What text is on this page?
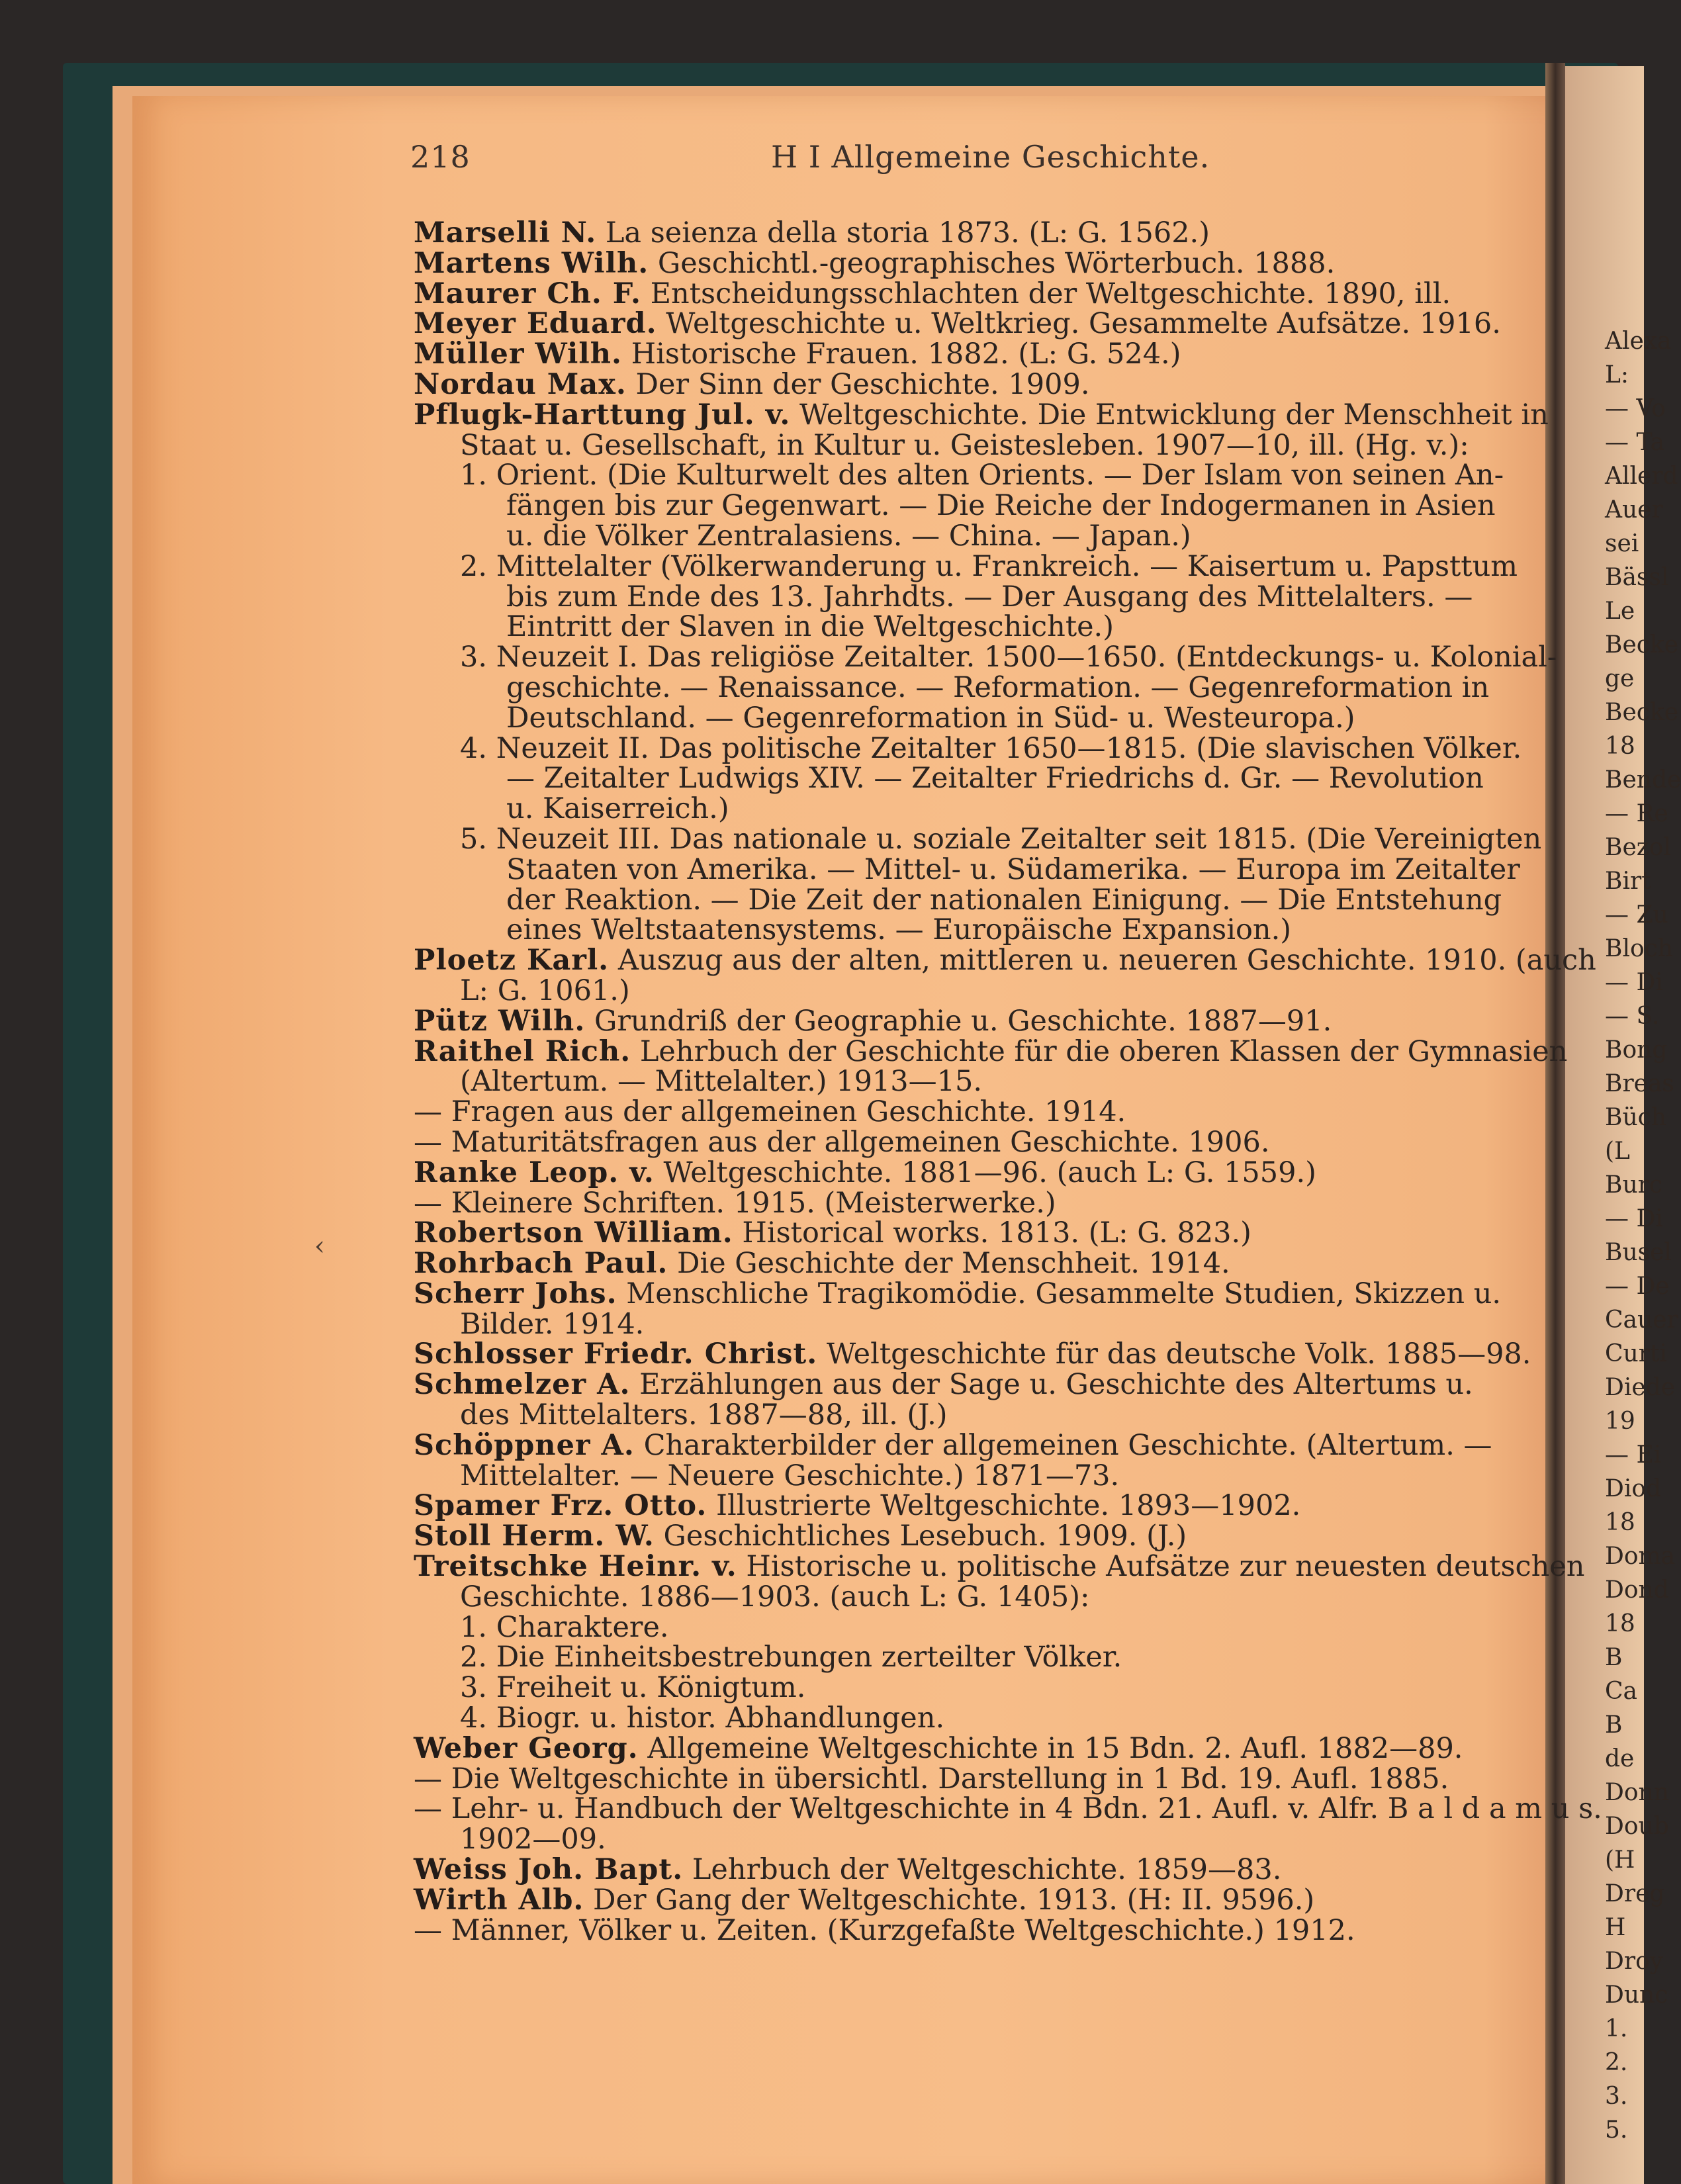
Alexa
L:
— Vo
— Ta
Allerd
Auer
sei
Bässl
Le
Becke
ge
Becke
18
Bende
— Re
Bezol
Birt
— Zu
Bloch
— Di
— S.
Bong
Breas
Büch
(L
Burc
— Di
Busel
— De
Cauer
Curti
Diede
19
— Ei
Diod
18
Doma
Dond
18
B
Ca
B
de
Donn
Doub
(H
Dreg
H
Droy
Dunc
1.
2.
3.
5.
218	H I Allgemeine Geschichte.
Marselli N. La seienza della storia 1873. (L: G. 1562.)
Martens Wilh. Geschichtl.-geographisches Wörterbuch. 1888.
Maurer Ch. F. Entscheidungsschlachten der Weltgeschichte. 1890, ill.
Meyer Eduard. Weltgeschichte u. Weltkrieg. Gesammelte Aufsätze. 1916.
Müller Wilh. Historische Frauen. 1882. (L: G. 524.)
Nordau Max. Der Sinn der Geschichte. 1909.
Pflugk-Harttung Jul. v. Weltgeschichte. Die Entwicklung der Menschheit in
Staat u. Gesellschaft, in Kultur u. Geistesleben. 1907—10, ill. (Hg. v.):
1. Orient. (Die Kulturwelt des alten Orients. — Der Islam von seinen An-
fängen bis zur Gegenwart. — Die Reiche der Indogermanen in Asien
u. die Völker Zentralasiens. — China. — Japan.)
2. Mittelalter (Völkerwanderung u. Frankreich. — Kaisertum u. Papsttum
bis zum Ende des 13. Jahrhdts. — Der Ausgang des Mittelalters. —
Eintritt der Slaven in die Weltgeschichte.)
3. Neuzeit I. Das religiöse Zeitalter. 1500—1650. (Entdeckungs- u. Kolonial-
geschichte. — Renaissance. — Reformation. — Gegenreformation in
Deutschland. — Gegenreformation in Süd- u. Westeuropa.)
4. Neuzeit II. Das politische Zeitalter 1650—1815. (Die slavischen Völker.
— Zeitalter Ludwigs XIV. — Zeitalter Friedrichs d. Gr. — Revolution
u. Kaiserreich.)
5. Neuzeit III. Das nationale u. soziale Zeitalter seit 1815. (Die Vereinigten
Staaten von Amerika. — Mittel- u. Südamerika. — Europa im Zeitalter
der Reaktion. — Die Zeit der nationalen Einigung. — Die Entstehung
eines Weltstaatensystems. — Europäische Expansion.)
Ploetz Karl. Auszug aus der alten, mittleren u. neueren Geschichte. 1910. (auch
L: G. 1061.)
Pütz Wilh. Grundriß der Geographie u. Geschichte. 1887—91.
Raithel Rich. Lehrbuch der Geschichte für die oberen Klassen der Gymnasien
(Altertum. — Mittelalter.) 1913—15.
— Fragen aus der allgemeinen Geschichte. 1914.
— Maturitätsfragen aus der allgemeinen Geschichte. 1906.
Ranke Leop. v. Weltgeschichte. 1881—96. (auch L: G. 1559.)
— Kleinere Schriften. 1915. (Meisterwerke.)
Robertson William. Historical works. 1813. (L: G. 823.)
Rohrbach Paul. Die Geschichte der Menschheit. 1914.
Scherr Johs. Menschliche Tragikomödie. Gesammelte Studien, Skizzen u.
Bilder. 1914.
Schlosser Friedr. Christ. Weltgeschichte für das deutsche Volk. 1885—98.
Schmelzer A. Erzählungen aus der Sage u. Geschichte des Altertums u.
des Mittelalters. 1887—88, ill. (J.)
Schöppner A. Charakterbilder der allgemeinen Geschichte. (Altertum. —
Mittelalter. — Neuere Geschichte.) 1871—73.
Spamer Frz. Otto. Illustrierte Weltgeschichte. 1893—1902.
Stoll Herm. W. Geschichtliches Lesebuch. 1909. (J.)
Treitschke Heinr. v. Historische u. politische Aufsätze zur neuesten deutschen
Geschichte. 1886—1903. (auch L: G. 1405):
1. Charaktere.
2. Die Einheitsbestrebungen zerteilter Völker.
3. Freiheit u. Königtum.
4. Biogr. u. histor. Abhandlungen.
Weber Georg. Allgemeine Weltgeschichte in 15 Bdn. 2. Aufl. 1882—89.
— Die Weltgeschichte in übersichtl. Darstellung in 1 Bd. 19. Aufl. 1885.
— Lehr- u. Handbuch der Weltgeschichte in 4 Bdn. 21. Aufl. v. Alfr. B a l d a m u s.
1902—09.
Weiss Joh. Bapt. Lehrbuch der Weltgeschichte. 1859—83.
Wirth Alb. Der Gang der Weltgeschichte. 1913. (H: II. 9596.)
— Männer, Völker u. Zeiten. (Kurzgefaßte Weltgeschichte.) 1912.
‹
